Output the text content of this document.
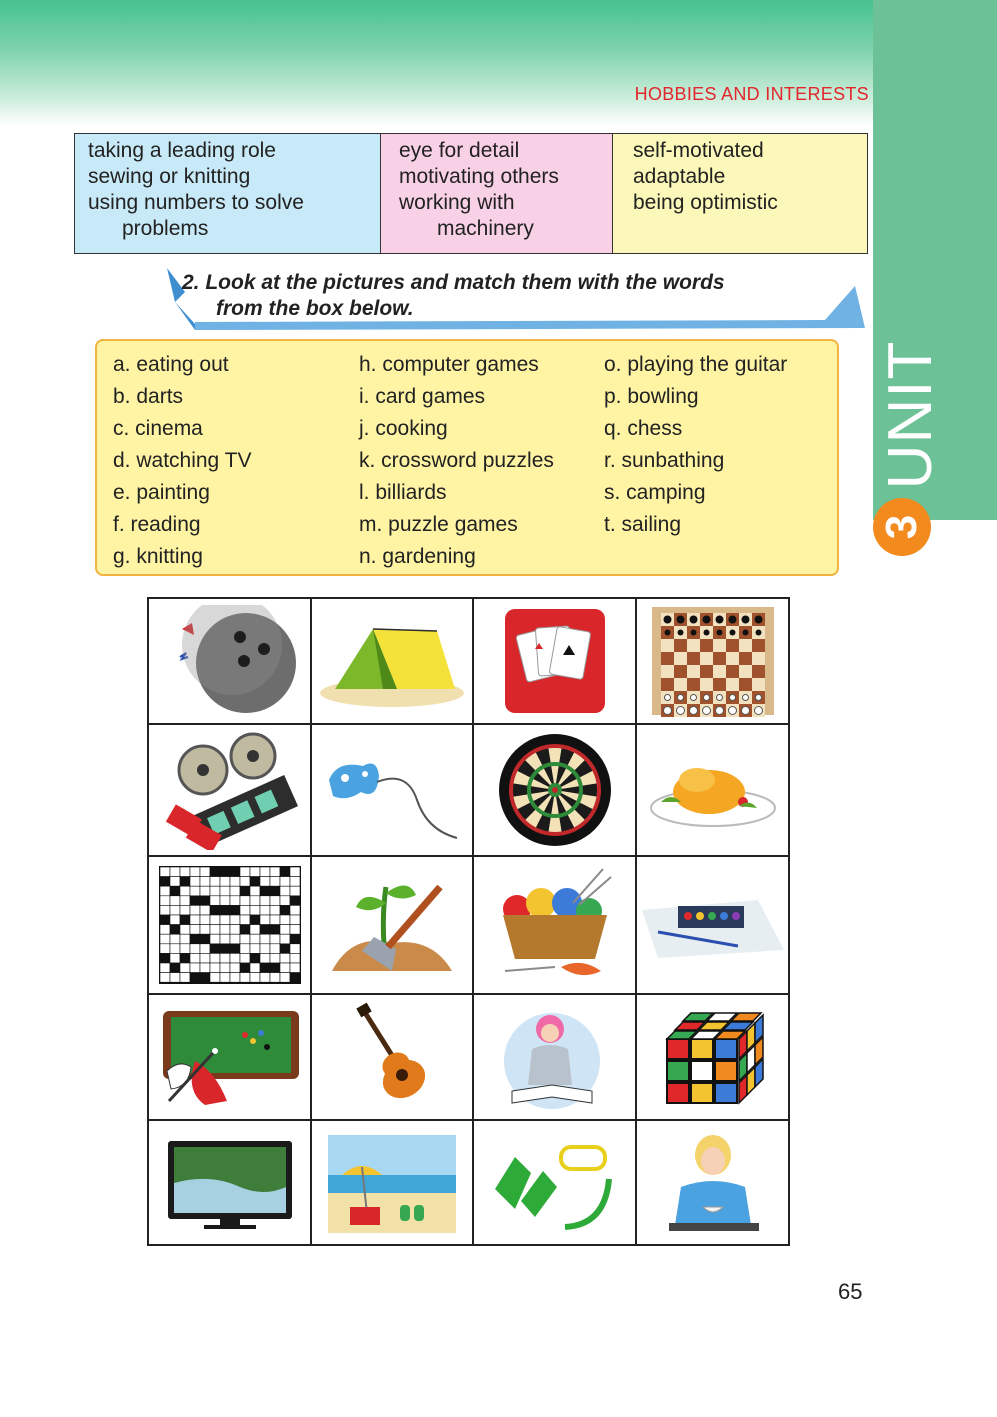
HOBBIES AND INTERESTS
UNIT
3
taking a leading role
sewing or knitting
using numbers to solve
problems
eye for detail
motivating others
working with
machinery
self-motivated
adaptable
being optimistic
2. Look at the pictures and match them with the words
from the box below.
a. eating out
b. darts
c. cinema
d. watching TV
e. painting
f. reading
g. knitting
h. computer games
i. card games
j. cooking
k. crossword puzzles
l. billiards
m. puzzle games
n. gardening
o. playing the guitar
p. bowling
q. chess
r. sunbathing
s. camping
t. sailing
65
